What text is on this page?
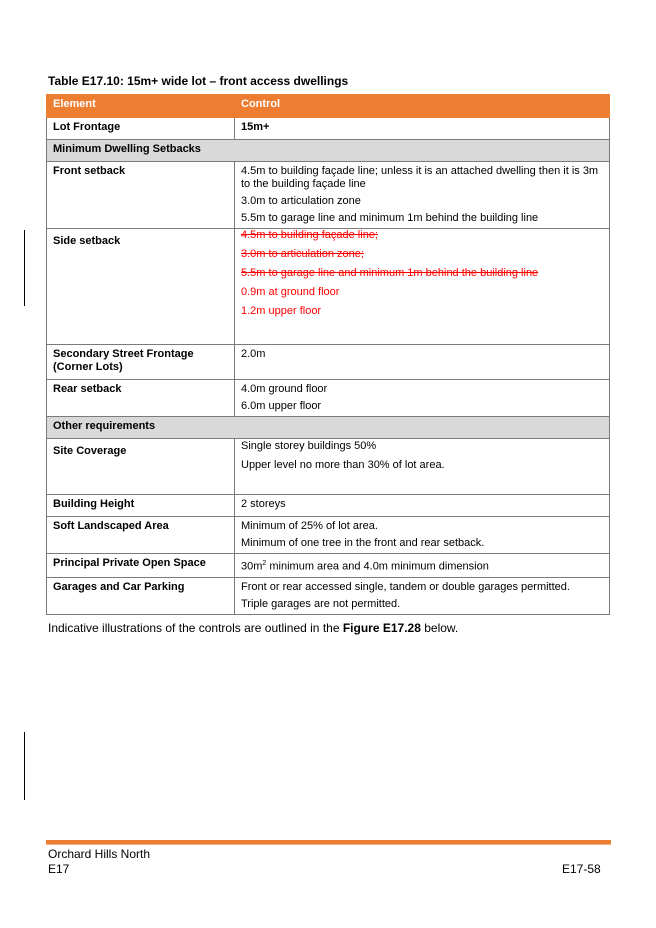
Table E17.10: 15m+ wide lot – front access dwellings
Element	Control
Lot Frontage	15m+
Minimum Dwelling Setbacks	
Front setback	4.5m to building façade line; unless it is an attached dwelling then it is 3m to the building façade line
3.0m to articulation zone
5.5m to garage line and minimum 1m behind the building line

Side setback	4.5m to building façade line;
3.0m to articulation zone;
5.5m to garage line and minimum 1m behind the building line
0.9m at ground floor
1.2m upper floor

Secondary Street Frontage (Corner Lots)	2.0m
Rear setback	4.0m ground floor
6.0m upper floor

Other requirements	
Site Coverage	Single storey buildings 50%
Upper level no more than 30% of lot area.

Building Height	2 storeys
Soft Landscaped Area	Minimum of 25% of lot area.
Minimum of one tree in the front and rear setback.

Principal Private Open Space	$30m^2$ minimum area and 4.0m minimum dimension
Garages and Car Parking	Front or rear accessed single, tandem or double garages permitted.
Triple garages are not permitted.
Indicative illustrations of the controls are outlined in the Figure E17.28 below.
Orchard Hills North
E17	E17-58
